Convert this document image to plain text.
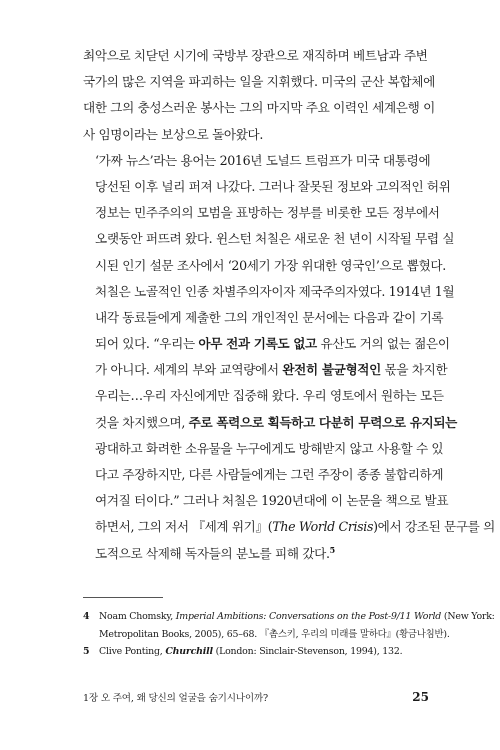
최악으로 치닫던 시기에 국방부 장관으로 재직하며 베트남과 주변
국가의 많은 지역을 파괴하는 일을 지휘했다. 미국의 군산 복합체에
대한 그의 충성스러운 봉사는 그의 마지막 주요 이력인 세계은행 이
사 임명이라는 보상으로 돌아왔다.

‘가짜 뉴스’라는 용어는 2016년 도널드 트럼프가 미국 대통령에
당선된 이후 널리 퍼져 나갔다. 그러나 잘못된 정보와 고의적인 허위
정보는 민주주의의 모범을 표방하는 정부를 비롯한 모든 정부에서
오랫동안 퍼뜨려 왔다. 윈스턴 처칠은 새로운 천 년이 시작될 무렵 실
시된 인기 설문 조사에서 ‘20세기 가장 위대한 영국인’으로 뽑혔다.
처칠은 노골적인 인종 차별주의자이자 제국주의자였다. 1914년 1월
내각 동료들에게 제출한 그의 개인적인 문서에는 다음과 같이 기록
되어 있다. “우리는 아무 전과 기록도 없고 유산도 거의 없는 젊은이
가 아니다. 세계의 부와 교역량에서 완전히 불균형적인 몫을 차지한
우리는…우리 자신에게만 집중해 왔다. 우리 영토에서 원하는 모든
것을 차지했으며, 주로 폭력으로 획득하고 다분히 무력으로 유지되는
광대하고 화려한 소유물을 누구에게도 방해받지 않고 사용할 수 있
다고 주장하지만, 다른 사람들에게는 그런 주장이 종종 불합리하게
여겨질 터이다.” 그러나 처칠은 1920년대에 이 논문을 책으로 발표
하면서, 그의 저서 『세계 위기』(The World Crisis)에서 강조된 문구를 의
도적으로 삭제해 독자들의 분노를 피해 갔다.$^5$

4	Noam Chomsky, Imperial Ambitions: Conversations on the Post-9/11 World (New York:
Metropolitan Books, 2005), 65–68. 『촘스키, 우리의 미래를 말하다』(황금나침반).
5	Clive Ponting, Churchill (London: Sinclair-Stevenson, 1994), 132.
1장 오 주여, 왜 당신의 얼굴을 숨기시나이까?	25
